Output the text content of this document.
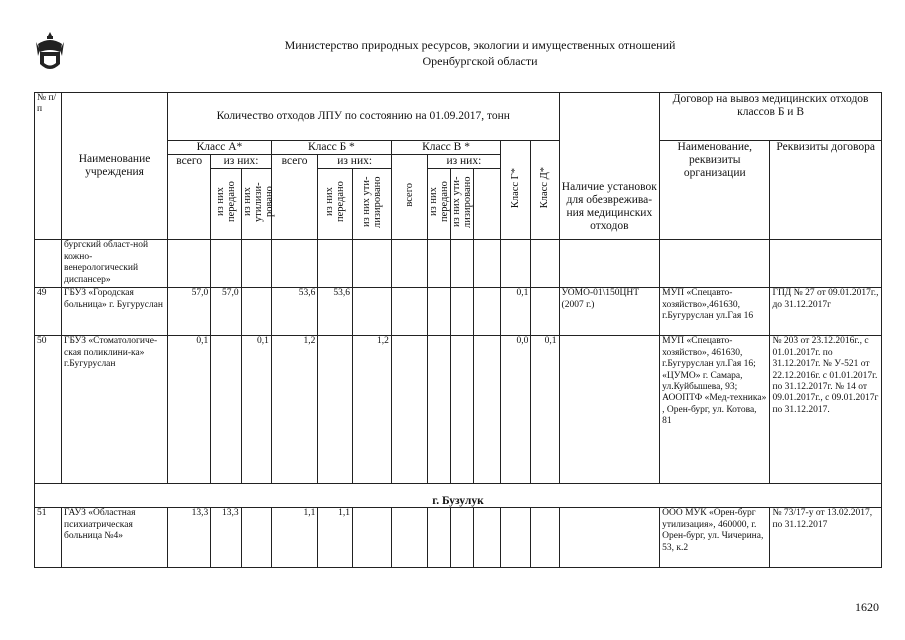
Министерство природных ресурсов, экологии и имущественных отношений
Оренбургской области
№ п/ п	Наименование учреждения	Количество отходов ЛПУ по состоянию на 01.09.2017, тонн												Наличие установок для обезврежива-ния медицинских отходов	Договор на вывоз медицинских отходов классов Б и В	
		Класс А*			Класс Б *			Класс В *				Класс Г*	Класс Д*		Наименование, реквизиты организации	Реквизиты договора
		всего	из них:		всего	из них:		всего	из них:							
			из них передано	из них утилизи-ровано		из них передано	из них ути-лизировано		из них передано	из них ути-лизировано						
	бургский област-ной кожно-венерологический диспансер»															
49	ГБУЗ «Городская больница» г. Бугуруслан	57,0	57,0		53,6	53,6						0,1		УОМО-01\150ЦНТ (2007 г.)	МУП «Спецавто-хозяйство»,461630, г.Бугуруслан ул.Гая 16	ГПД № 27 от 09.01.2017г., до 31.12.2017г
50	ГБУЗ «Стоматологиче-ская поликлини-ка» г.Бугуруслан	0,1		0,1	1,2		1,2					0,0	0,1		МУП «Спецавто-хозяйство», 461630, г.Бугуруслан ул.Гая 16; «ЦУМО» г. Самара, ул.Куйбышева, 93; АООПТФ «Мед-техника» , Орен-бург, ул. Котова, 81	№ 203 от 23.12.2016г., с 01.01.2017г. по 31.12.2017г. № У-521 от 22.12.2016г. с 01.01.2017г. по 31.12.2017г. № 14 от 09.01.2017г., с 09.01.2017г по 31.12.2017.
г. Бузулук																
51	ГАУЗ «Областная психиатрическая больница №4»	13,3	13,3		1,1	1,1									ООО МУК «Орен-бург утилизация», 460000, г. Орен-бург, ул. Чичерина, 53, к.2	№ 73/17-у от 13.02.2017, по 31.12.2017
1620
